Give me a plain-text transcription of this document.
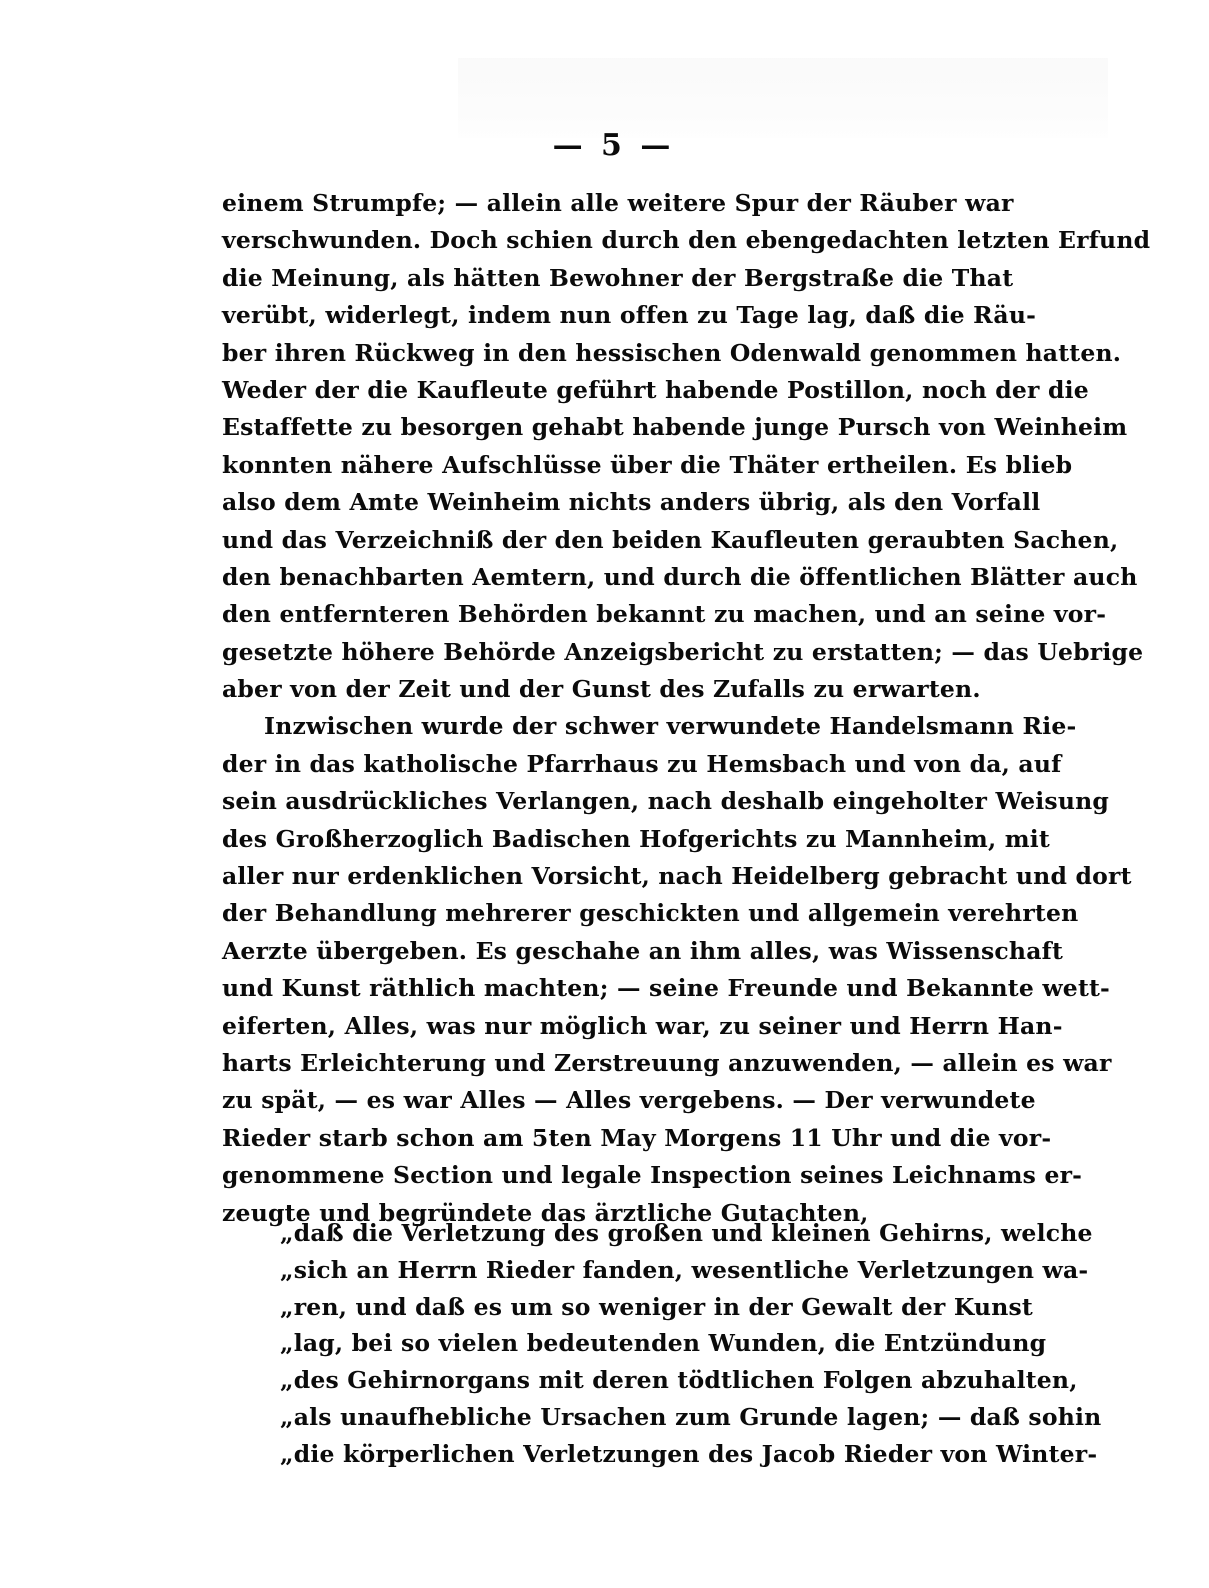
— 5 —
einem Strumpfe; — allein alle weitere Spur der Räuber war
verschwunden. Doch schien durch den ebengedachten letzten Erfund
die Meinung, als hätten Bewohner der Bergstraße die That
verübt, widerlegt, indem nun offen zu Tage lag, daß die Räu-
ber ihren Rückweg in den hessischen Odenwald genommen hatten.
Weder der die Kaufleute geführt habende Postillon, noch der die
Estaffette zu besorgen gehabt habende junge Pursch von Weinheim
konnten nähere Aufschlüsse über die Thäter ertheilen. Es blieb
also dem Amte Weinheim nichts anders übrig, als den Vorfall
und das Verzeichniß der den beiden Kaufleuten geraubten Sachen,
den benachbarten Aemtern, und durch die öffentlichen Blätter auch
den entfernteren Behörden bekannt zu machen, und an seine vor-
gesetzte höhere Behörde Anzeigsbericht zu erstatten; — das Uebrige
aber von der Zeit und der Gunst des Zufalls zu erwarten.
Inzwischen wurde der schwer verwundete Handelsmann Rie-
der in das katholische Pfarrhaus zu Hemsbach und von da, auf
sein ausdrückliches Verlangen, nach deshalb eingeholter Weisung
des Großherzoglich Badischen Hofgerichts zu Mannheim, mit
aller nur erdenklichen Vorsicht, nach Heidelberg gebracht und dort
der Behandlung mehrerer geschickten und allgemein verehrten
Aerzte übergeben. Es geschahe an ihm alles, was Wissenschaft
und Kunst räthlich machten; — seine Freunde und Bekannte wett-
eiferten, Alles, was nur möglich war, zu seiner und Herrn Han-
harts Erleichterung und Zerstreuung anzuwenden, — allein es war
zu spät, — es war Alles — Alles vergebens. — Der verwundete
Rieder starb schon am 5ten May Morgens 11 Uhr und die vor-
genommene Section und legale Inspection seines Leichnams er-
zeugte und begründete das ärztliche Gutachten,
„daß die Verletzung des großen und kleinen Gehirns, welche
„sich an Herrn Rieder fanden, wesentliche Verletzungen wa-
„ren, und daß es um so weniger in der Gewalt der Kunst
„lag, bei so vielen bedeutenden Wunden, die Entzündung
„des Gehirnorgans mit deren tödtlichen Folgen abzuhalten,
„als unaufhebliche Ursachen zum Grunde lagen; — daß sohin
„die körperlichen Verletzungen des Jacob Rieder von Winter-
